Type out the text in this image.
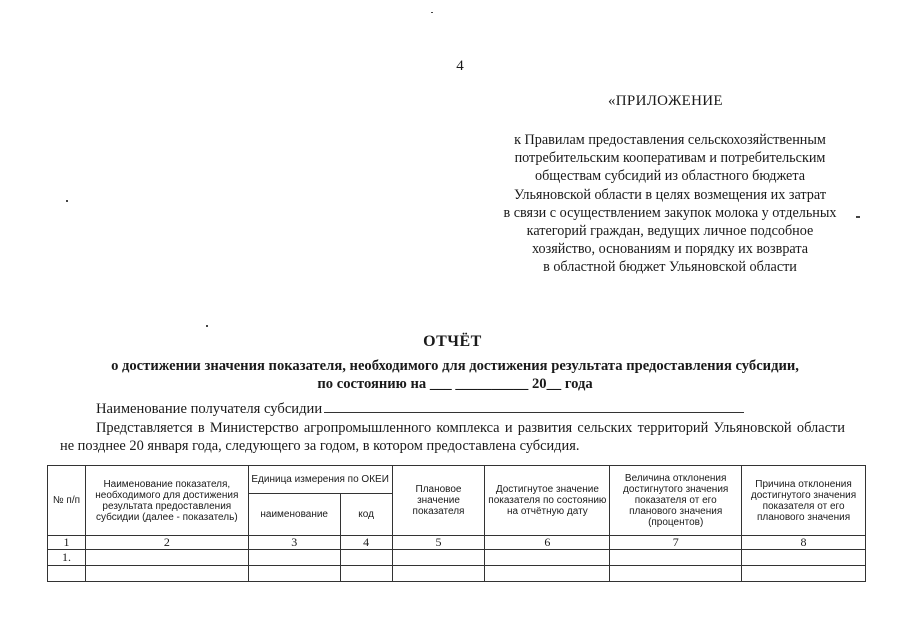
4
«ПРИЛОЖЕНИЕ
к Правилам предоставления сельскохозяйственным
потребительским кооперативам и потребительским
обществам субсидий из областного бюджета
Ульяновской области в целях возмещения их затрат
в связи с осуществлением закупок молока у отдельных
категорий граждан, ведущих личное подсобное
хозяйство, основаниям и порядку их возврата
в областной бюджет Ульяновской области
ОТЧЁТ
о достижении значения показателя, необходимого для достижения результата предоставления субсидии,
по состоянию на ___ __________ 20__ года
Наименование получателя субсидии
Представляется в Министерство агропромышленного комплекса и развития сельских территорий Ульяновской области не позднее 20 января года, следующего за годом, в котором предоставлена субсидия.
№ п/п	Наименование показателя, необходимого для достижения результата предоставления субсидии (далее - показатель)	Единица измерения по ОКЕИ		Плановое значение показателя	Достигнутое значение показателя по состоянию на отчётную дату	Величина отклонения достигнутого значения показателя от его планового значения (процентов)	Причина отклонения достигнутого значения показателя от его планового значения
		наименование	код				
1	2	3	4	5	6	7	8
1.							
